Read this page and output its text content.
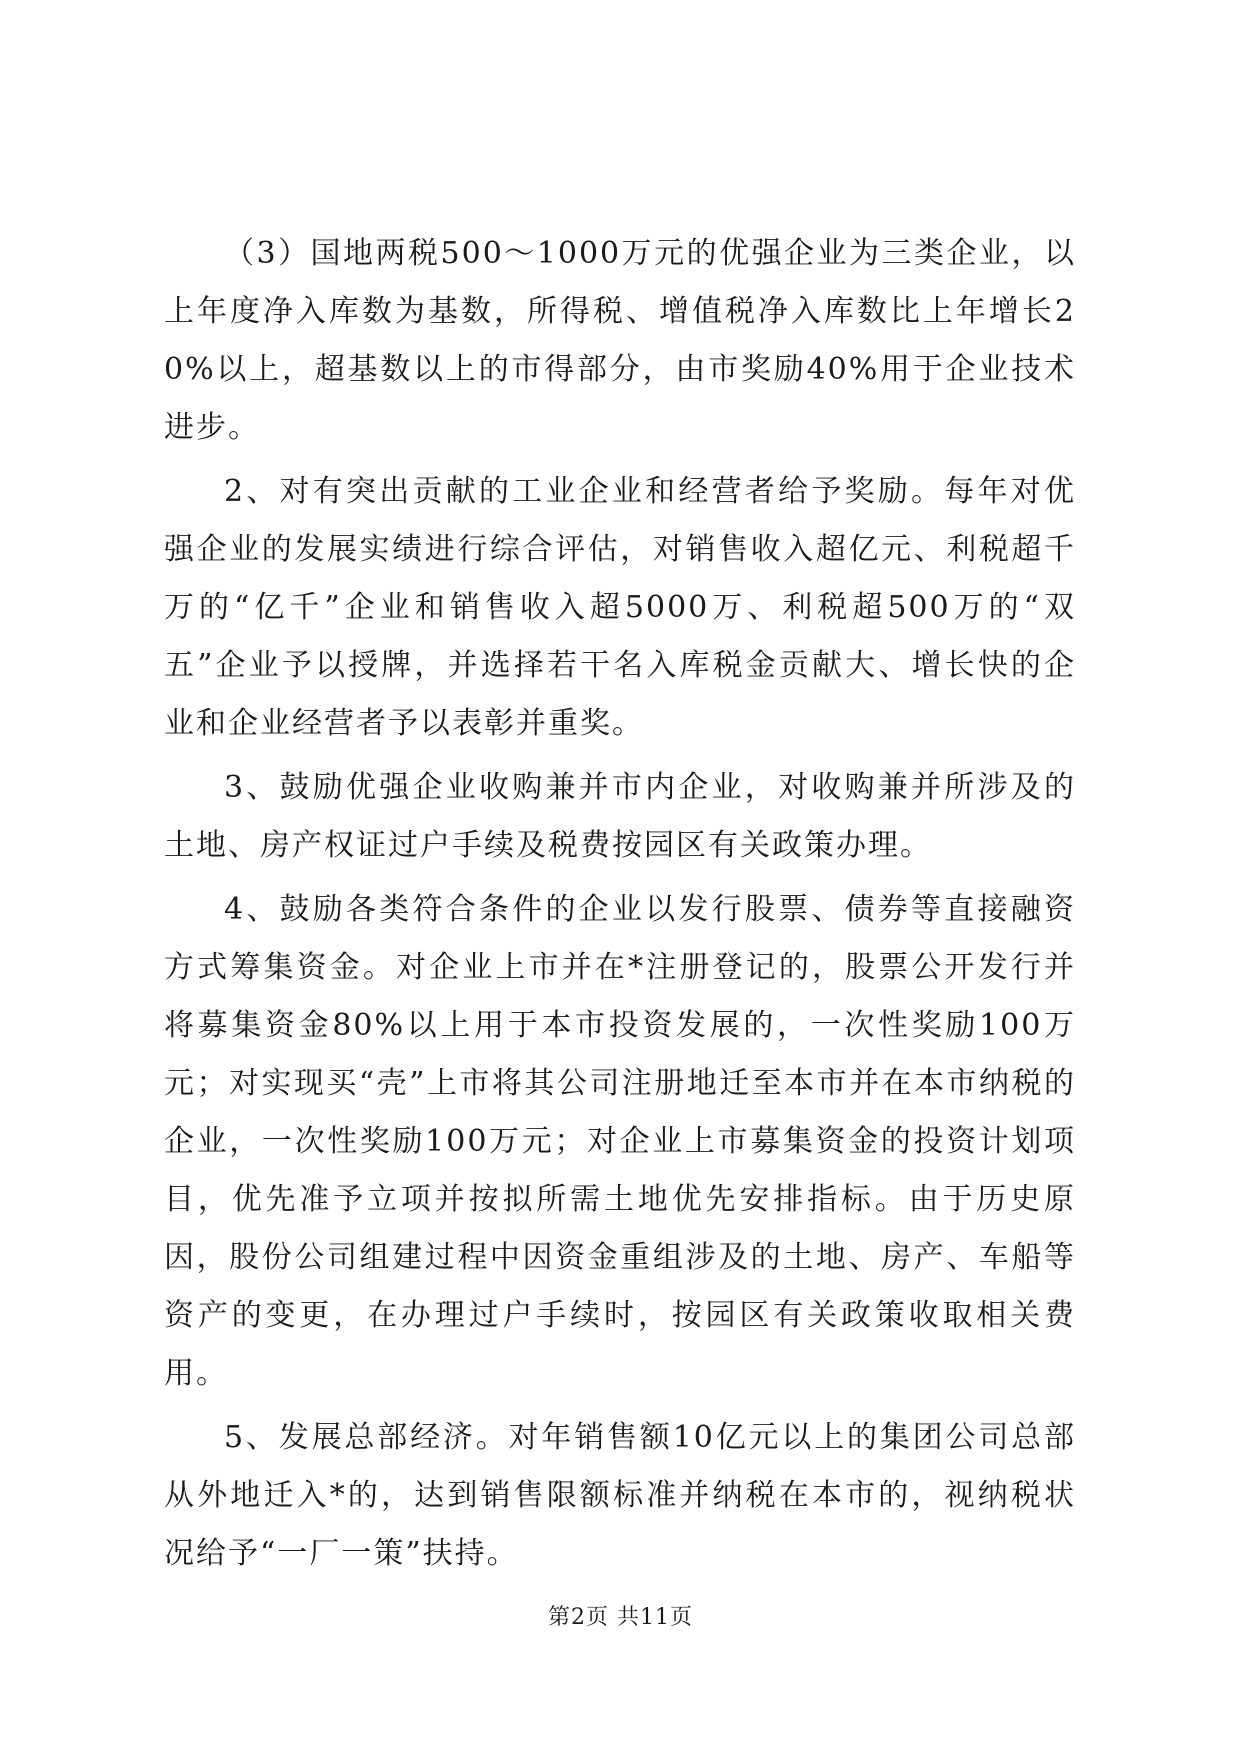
（3）国地两税500～1000万元的优强企业为三类企业，以上年度净入库数为基数，所得税、增值税净入库数比上年增长20%以上，超基数以上的市得部分，由市奖励40%用于企业技术进步。

2、对有突出贡献的工业企业和经营者给予奖励。每年对优强企业的发展实绩进行综合评估，对销售收入超亿元、利税超千万的“亿千”企业和销售收入超5000万、利税超500万的“双五”企业予以授牌，并选择若干名入库税金贡献大、增长快的企业和企业经营者予以表彰并重奖。

3、鼓励优强企业收购兼并市内企业，对收购兼并所涉及的土地、房产权证过户手续及税费按园区有关政策办理。

4、鼓励各类符合条件的企业以发行股票、债券等直接融资方式筹集资金。对企业上市并在*注册登记的，股票公开发行并将募集资金80%以上用于本市投资发展的，一次性奖励100万元；对实现买“壳”上市将其公司注册地迁至本市并在本市纳税的企业，一次性奖励100万元；对企业上市募集资金的投资计划项目，优先准予立项并按拟所需土地优先安排指标。由于历史原因，股份公司组建过程中因资金重组涉及的土地、房产、车船等资产的变更，在办理过户手续时，按园区有关政策收取相关费用。

5、发展总部经济。对年销售额10亿元以上的集团公司总部从外地迁入*的，达到销售限额标准并纳税在本市的，视纳税状况给予“一厂一策”扶持。

第2页 共11页
